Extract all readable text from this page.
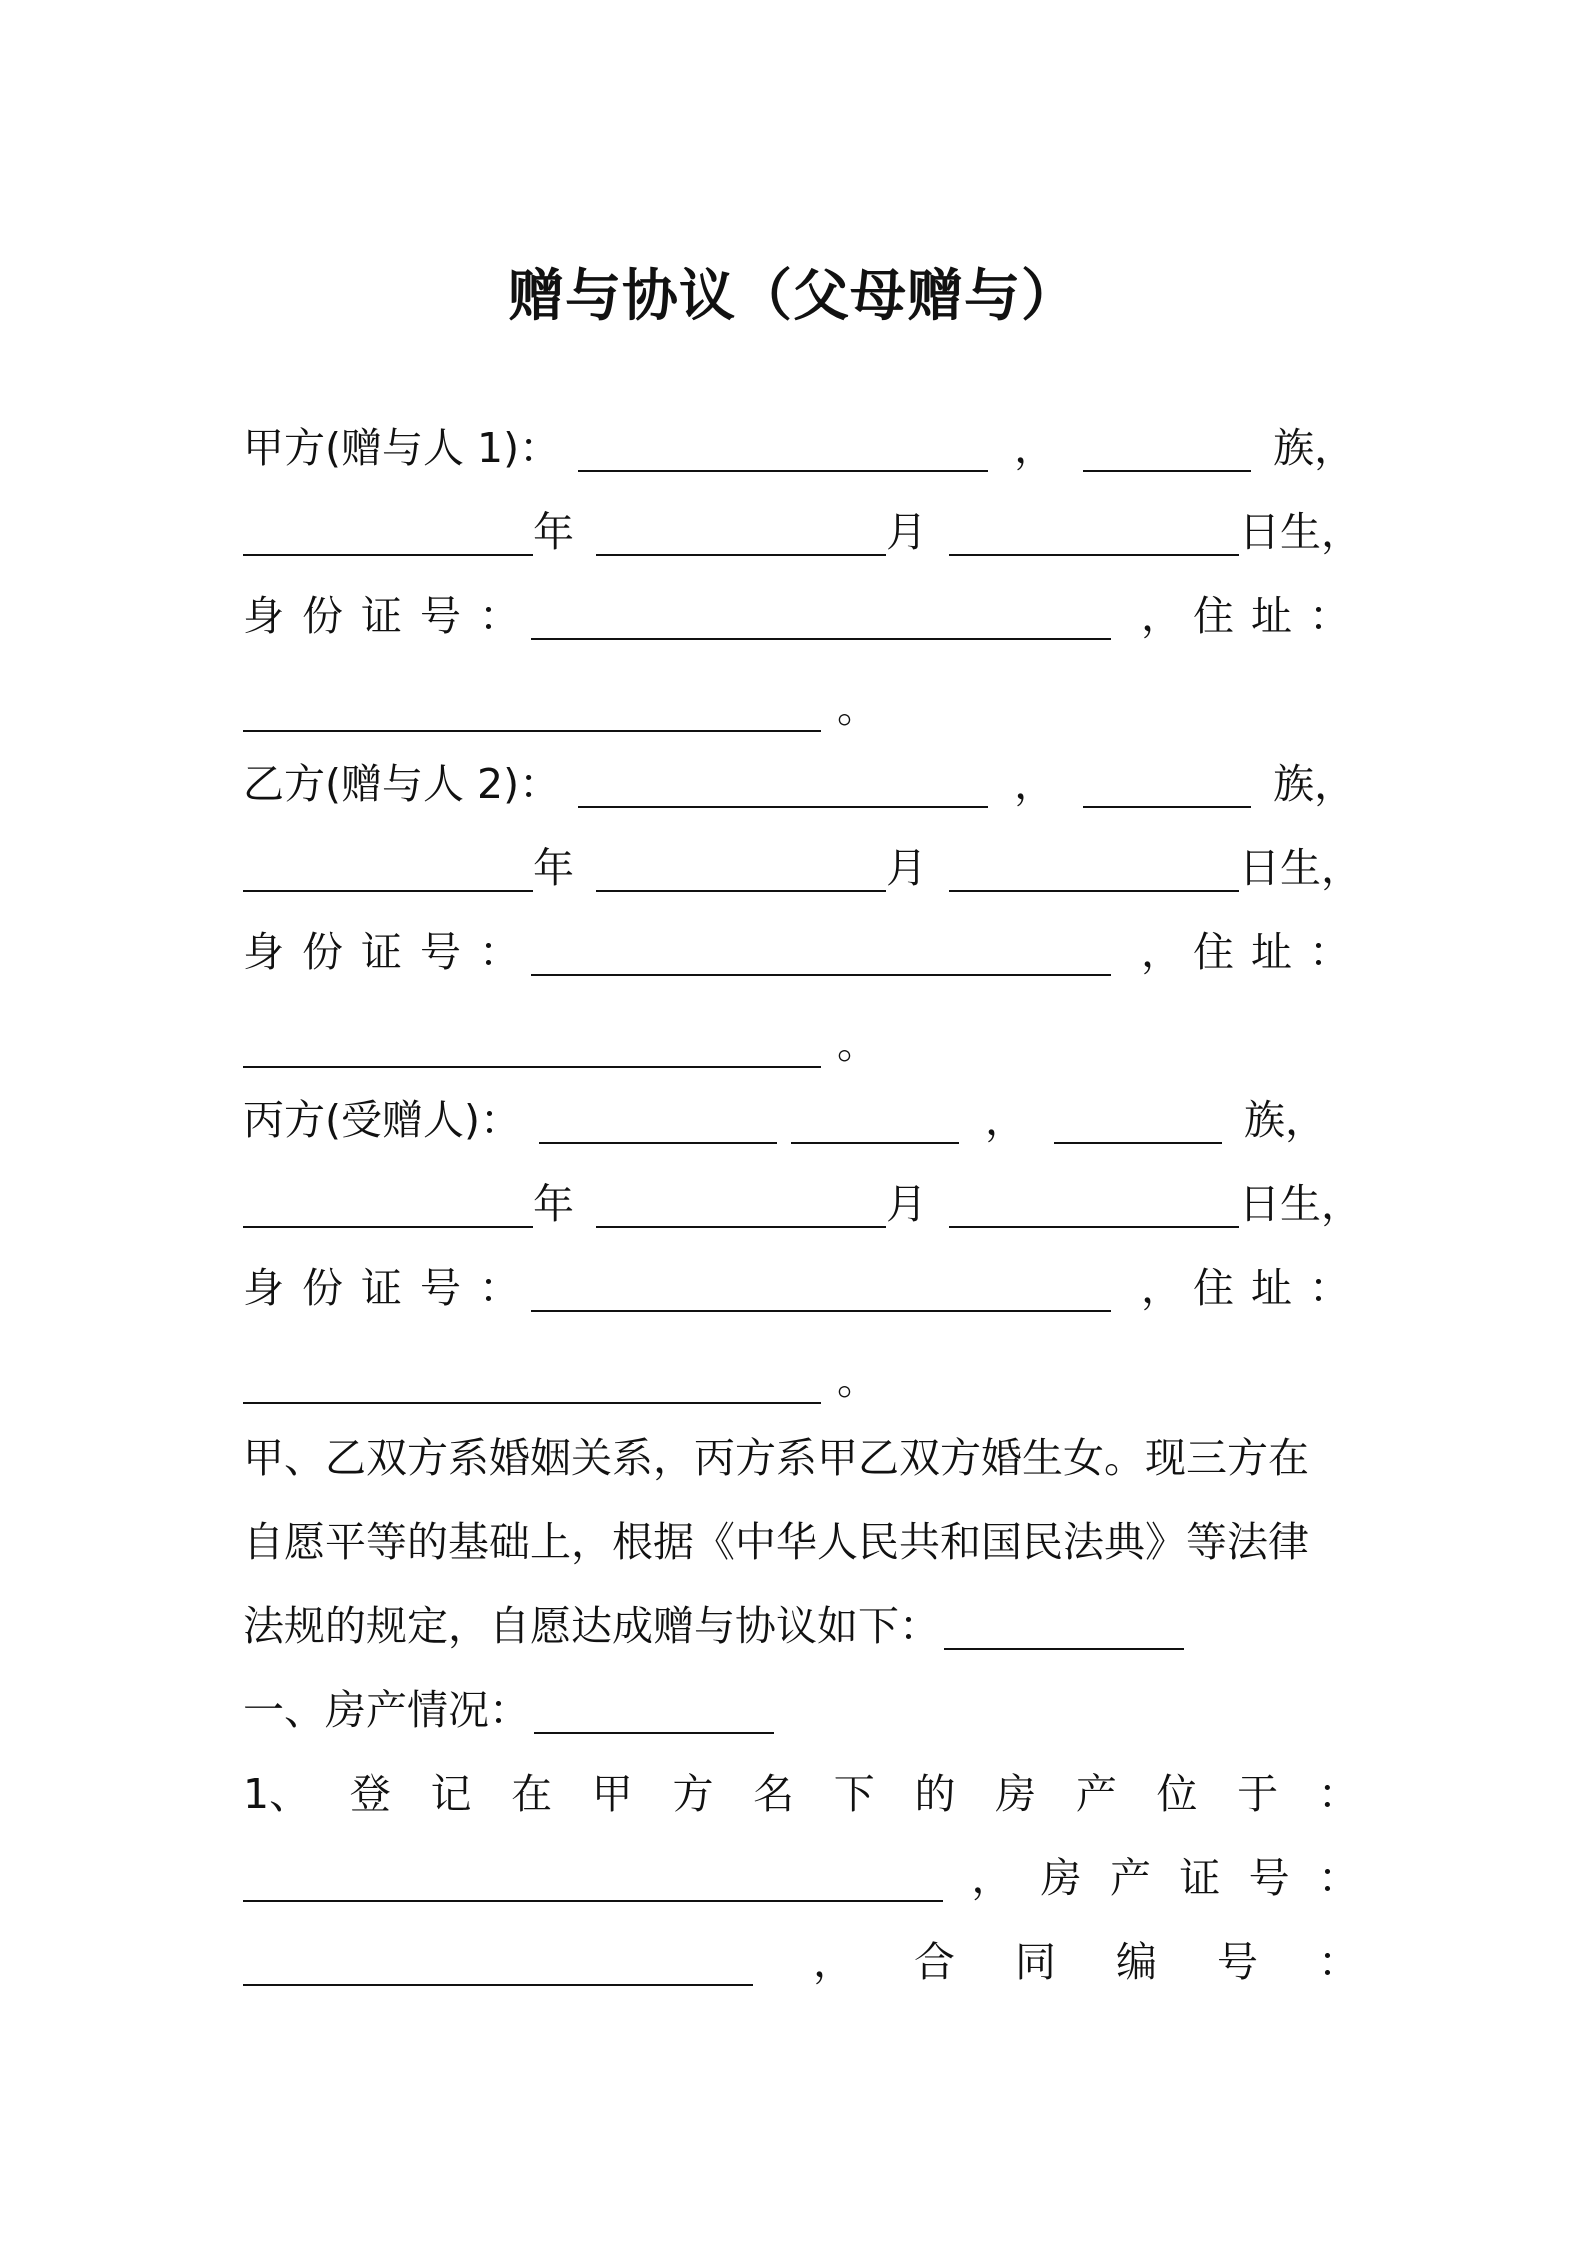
赠与协议（父母赠与）
甲方(赠与人 1)：	，	族，
年	月	日生，
身 份 证 号 ：	， 住 址 ：
。
乙方(赠与人 2)：	，	族，
年	月	日生，
身 份 证 号 ：	， 住 址 ：
。
丙方(受赠人)：	，	族，
年	月	日生，
身 份 证 号 ：	， 住 址 ：
。
甲、乙双方系婚姻关系，丙方系甲乙双方婚生女。现三方在
自愿平等的基础上，根据《中华人民共和国民法典》等法律
法规的规定，自愿达成赠与协议如下：
一、房产情况：
1、 登 记 在 甲 方 名 下 的 房 产 位 于 ：
， 房 产 证 号 ：
， 合 同 编 号 ：
